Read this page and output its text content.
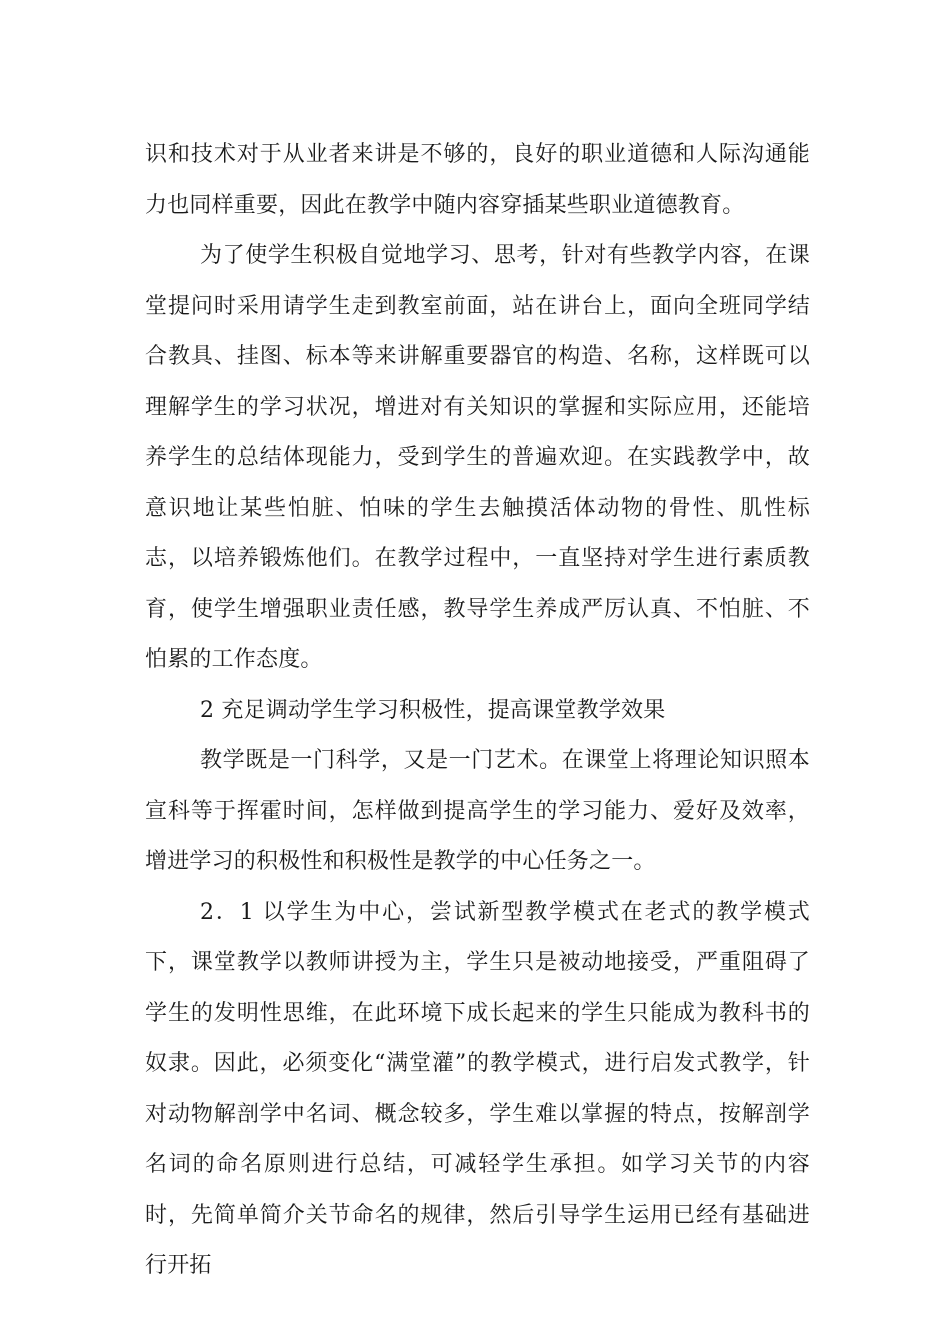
识和技术对于从业者来讲是不够的，良好的职业道德和人际沟通能力也同样重要，因此在教学中随内容穿插某些职业道德教育。

为了使学生积极自觉地学习、思考，针对有些教学内容，在课堂提问时采用请学生走到教室前面，站在讲台上，面向全班同学结合教具、挂图、标本等来讲解重要器官的构造、名称，这样既可以理解学生的学习状况，增进对有关知识的掌握和实际应用，还能培养学生的总结体现能力，受到学生的普遍欢迎。在实践教学中，故意识地让某些怕脏、怕味的学生去触摸活体动物的骨性、肌性标志，以培养锻炼他们。在教学过程中，一直坚持对学生进行素质教育，使学生增强职业责任感，教导学生养成严厉认真、不怕脏、不怕累的工作态度。

2 充足调动学生学习积极性，提高课堂教学效果

教学既是一门科学，又是一门艺术。在课堂上将理论知识照本宣科等于挥霍时间，怎样做到提高学生的学习能力、爱好及效率，增进学习的积极性和积极性是教学的中心任务之一。

2．1 以学生为中心，尝试新型教学模式在老式的教学模式下，课堂教学以教师讲授为主，学生只是被动地接受，严重阻碍了学生的发明性思维，在此环境下成长起来的学生只能成为教科书的奴隶。因此，必须变化“满堂灌”的教学模式，进行启发式教学，针对动物解剖学中名词、概念较多，学生难以掌握的特点，按解剖学名词的命名原则进行总结，可减轻学生承担。如学习关节的内容时，先简单简介关节命名的规律，然后引导学生运用已经有基础进行开拓
